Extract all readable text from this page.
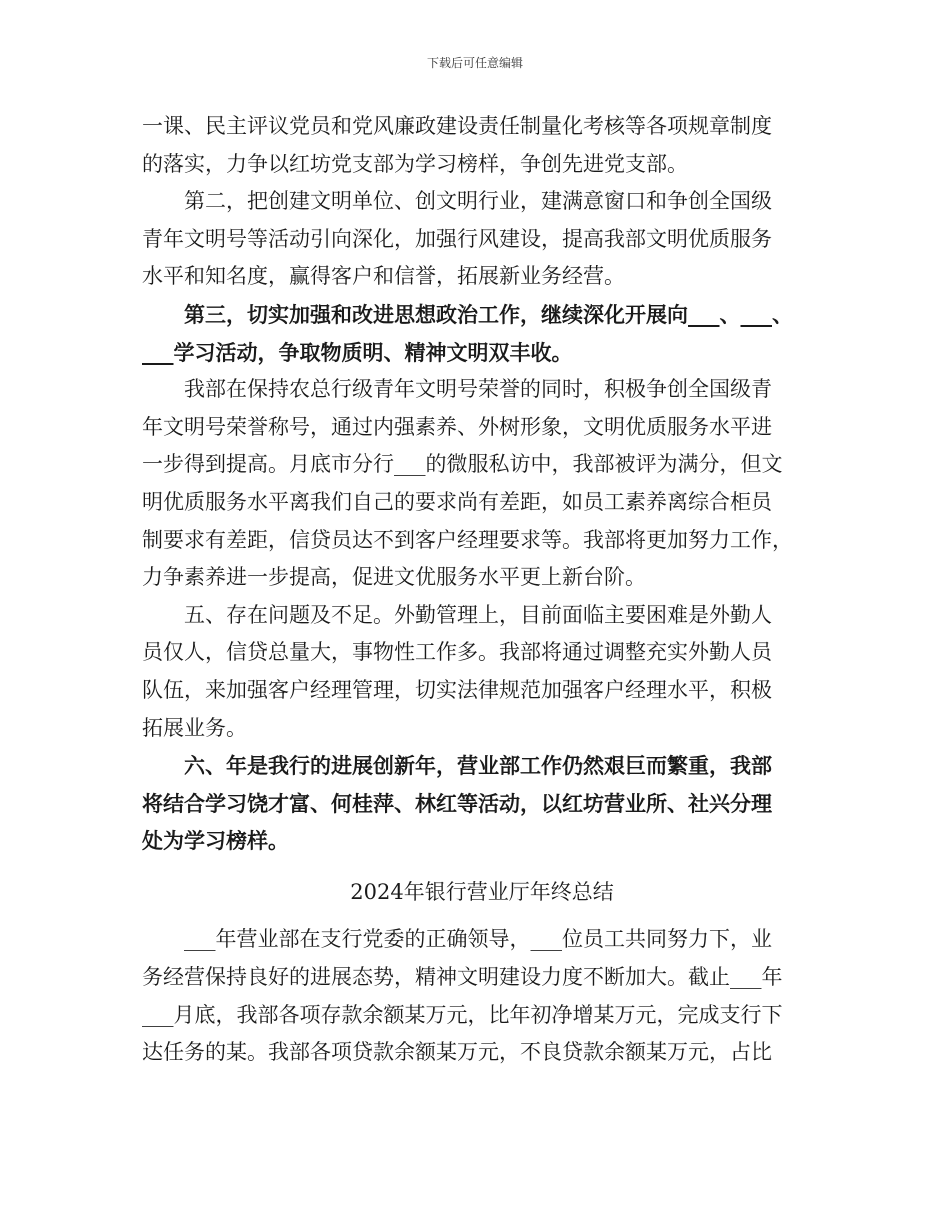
下载后可任意编辑
一课、民主评议党员和党风廉政建设责任制量化考核等各项规章制度
的落实，力争以红坊党支部为学习榜样，争创先进党支部。
　　第二，把创建文明单位、创文明行业，建满意窗口和争创全国级
青年文明号等活动引向深化，加强行风建设，提高我部文明优质服务
水平和知名度，赢得客户和信誉，拓展新业务经营。
　　第三，切实加强和改进思想政治工作，继续深化开展向___、___、
___学习活动，争取物质明、精神文明双丰收。
　　我部在保持农总行级青年文明号荣誉的同时，积极争创全国级青
年文明号荣誉称号，通过内强素养、外树形象，文明优质服务水平进
一步得到提高。月底市分行___的微服私访中，我部被评为满分，但文
明优质服务水平离我们自己的要求尚有差距，如员工素养离综合柜员
制要求有差距，信贷员达不到客户经理要求等。我部将更加努力工作，
力争素养进一步提高，促进文优服务水平更上新台阶。
　　五、存在问题及不足。外勤管理上，目前面临主要困难是外勤人
员仅人，信贷总量大，事物性工作多。我部将通过调整充实外勤人员
队伍，来加强客户经理管理，切实法律规范加强客户经理水平，积极
拓展业务。
　　六、年是我行的进展创新年，营业部工作仍然艰巨而繁重，我部
将结合学习饶才富、何桂萍、林红等活动，以红坊营业所、社兴分理
处为学习榜样。
2024年银行营业厅年终总结
　　___年营业部在支行党委的正确领导，___位员工共同努力下，业
务经营保持良好的进展态势，精神文明建设力度不断加大。截止___年
___月底，我部各项存款余额某万元，比年初净增某万元，完成支行下
达任务的某。我部各项贷款余额某万元，不良贷款余额某万元，占比
